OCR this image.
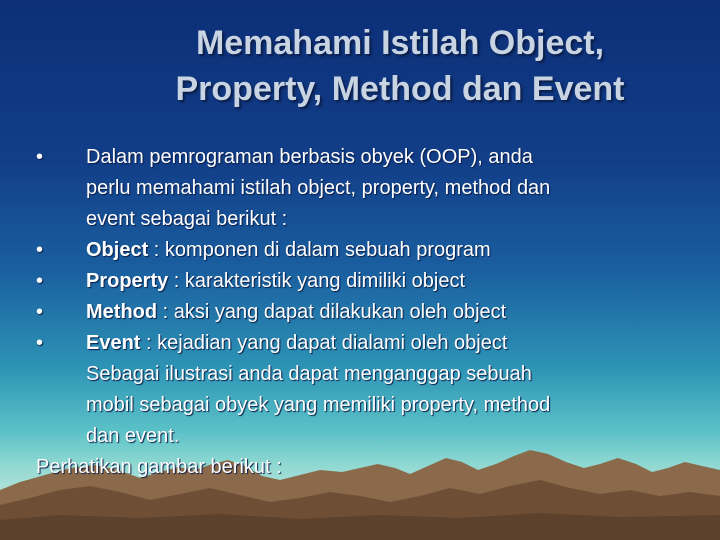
Memahami Istilah Object,
Property, Method dan Event
• Dalam pemrograman berbasis obyek (OOP), anda
perlu memahami istilah object, property, method dan
event sebagai berikut :
• Object : komponen di dalam sebuah program
• Property : karakteristik yang dimiliki object
• Method : aksi yang dapat dilakukan oleh object
• Event : kejadian yang dapat dialami oleh object
Sebagai ilustrasi anda dapat menganggap sebuah
mobil sebagai obyek yang memiliki property, method
dan event.
Perhatikan gambar berikut :
